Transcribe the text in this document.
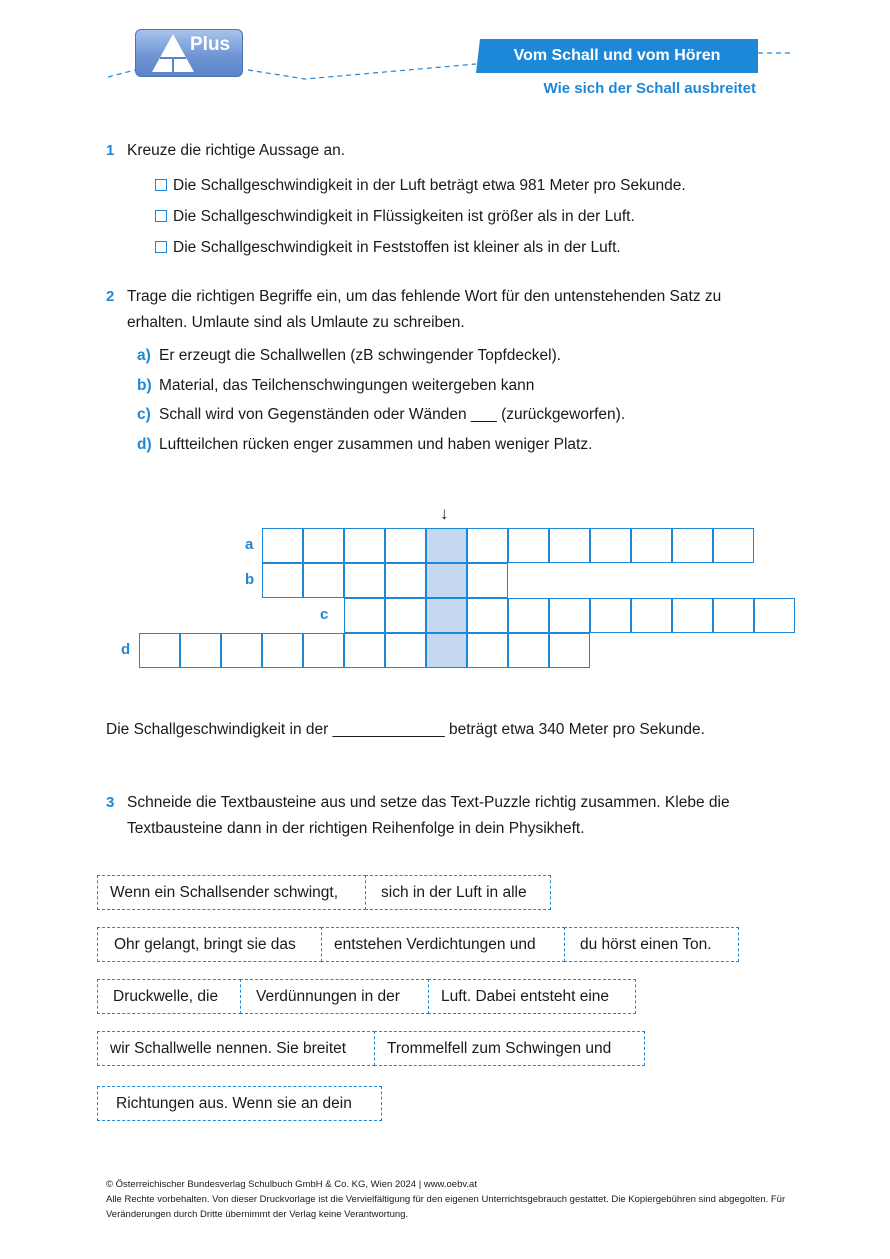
Plus
Vom Schall und vom Hören
Wie sich der Schall ausbreitet
1 Kreuze die richtige Aussage an.
Die Schallgeschwindigkeit in der Luft beträgt etwa 981 Meter pro Sekunde.
Die Schallgeschwindigkeit in Flüssigkeiten ist größer als in der Luft.
Die Schallgeschwindigkeit in Feststoffen ist kleiner als in der Luft.
2 Trage die richtigen Begriffe ein, um das fehlende Wort für den untenstehenden Satz zu
erhalten. Umlaute sind als Umlaute zu schreiben.
a) Er erzeugt die Schallwellen (zB schwingender Topfdeckel).
b) Material, das Teilchenschwingungen weitergeben kann
c) Schall wird von Gegenständen oder Wänden ___ (zurückgeworfen).
d) Luftteilchen rücken enger zusammen und haben weniger Platz.
↓
a
b
c
d
Die Schallgeschwindigkeit in der _____________ beträgt etwa 340 Meter pro Sekunde.
3 Schneide die Textbausteine aus und setze das Text-Puzzle richtig zusammen. Klebe die
Textbausteine dann in der richtigen Reihenfolge in dein Physikheft.
Wenn ein Schallsender schwingt,	sich in der Luft in alle
Ohr gelangt, bringt sie das	entstehen Verdichtungen und	du hörst einen Ton.
Druckwelle, die	Verdünnungen in der	Luft. Dabei entsteht eine
wir Schallwelle nennen. Sie breitet	Trommelfell zum Schwingen und
Richtungen aus. Wenn sie an dein
© Österreichischer Bundesverlag Schulbuch GmbH & Co. KG, Wien 2024 | www.oebv.at
Alle Rechte vorbehalten. Von dieser Druckvorlage ist die Vervielfältigung für den eigenen Unterrichtsgebrauch gestattet. Die Kopiergebühren sind abgegolten. Für
Veränderungen durch Dritte übernimmt der Verlag keine Verantwortung.
